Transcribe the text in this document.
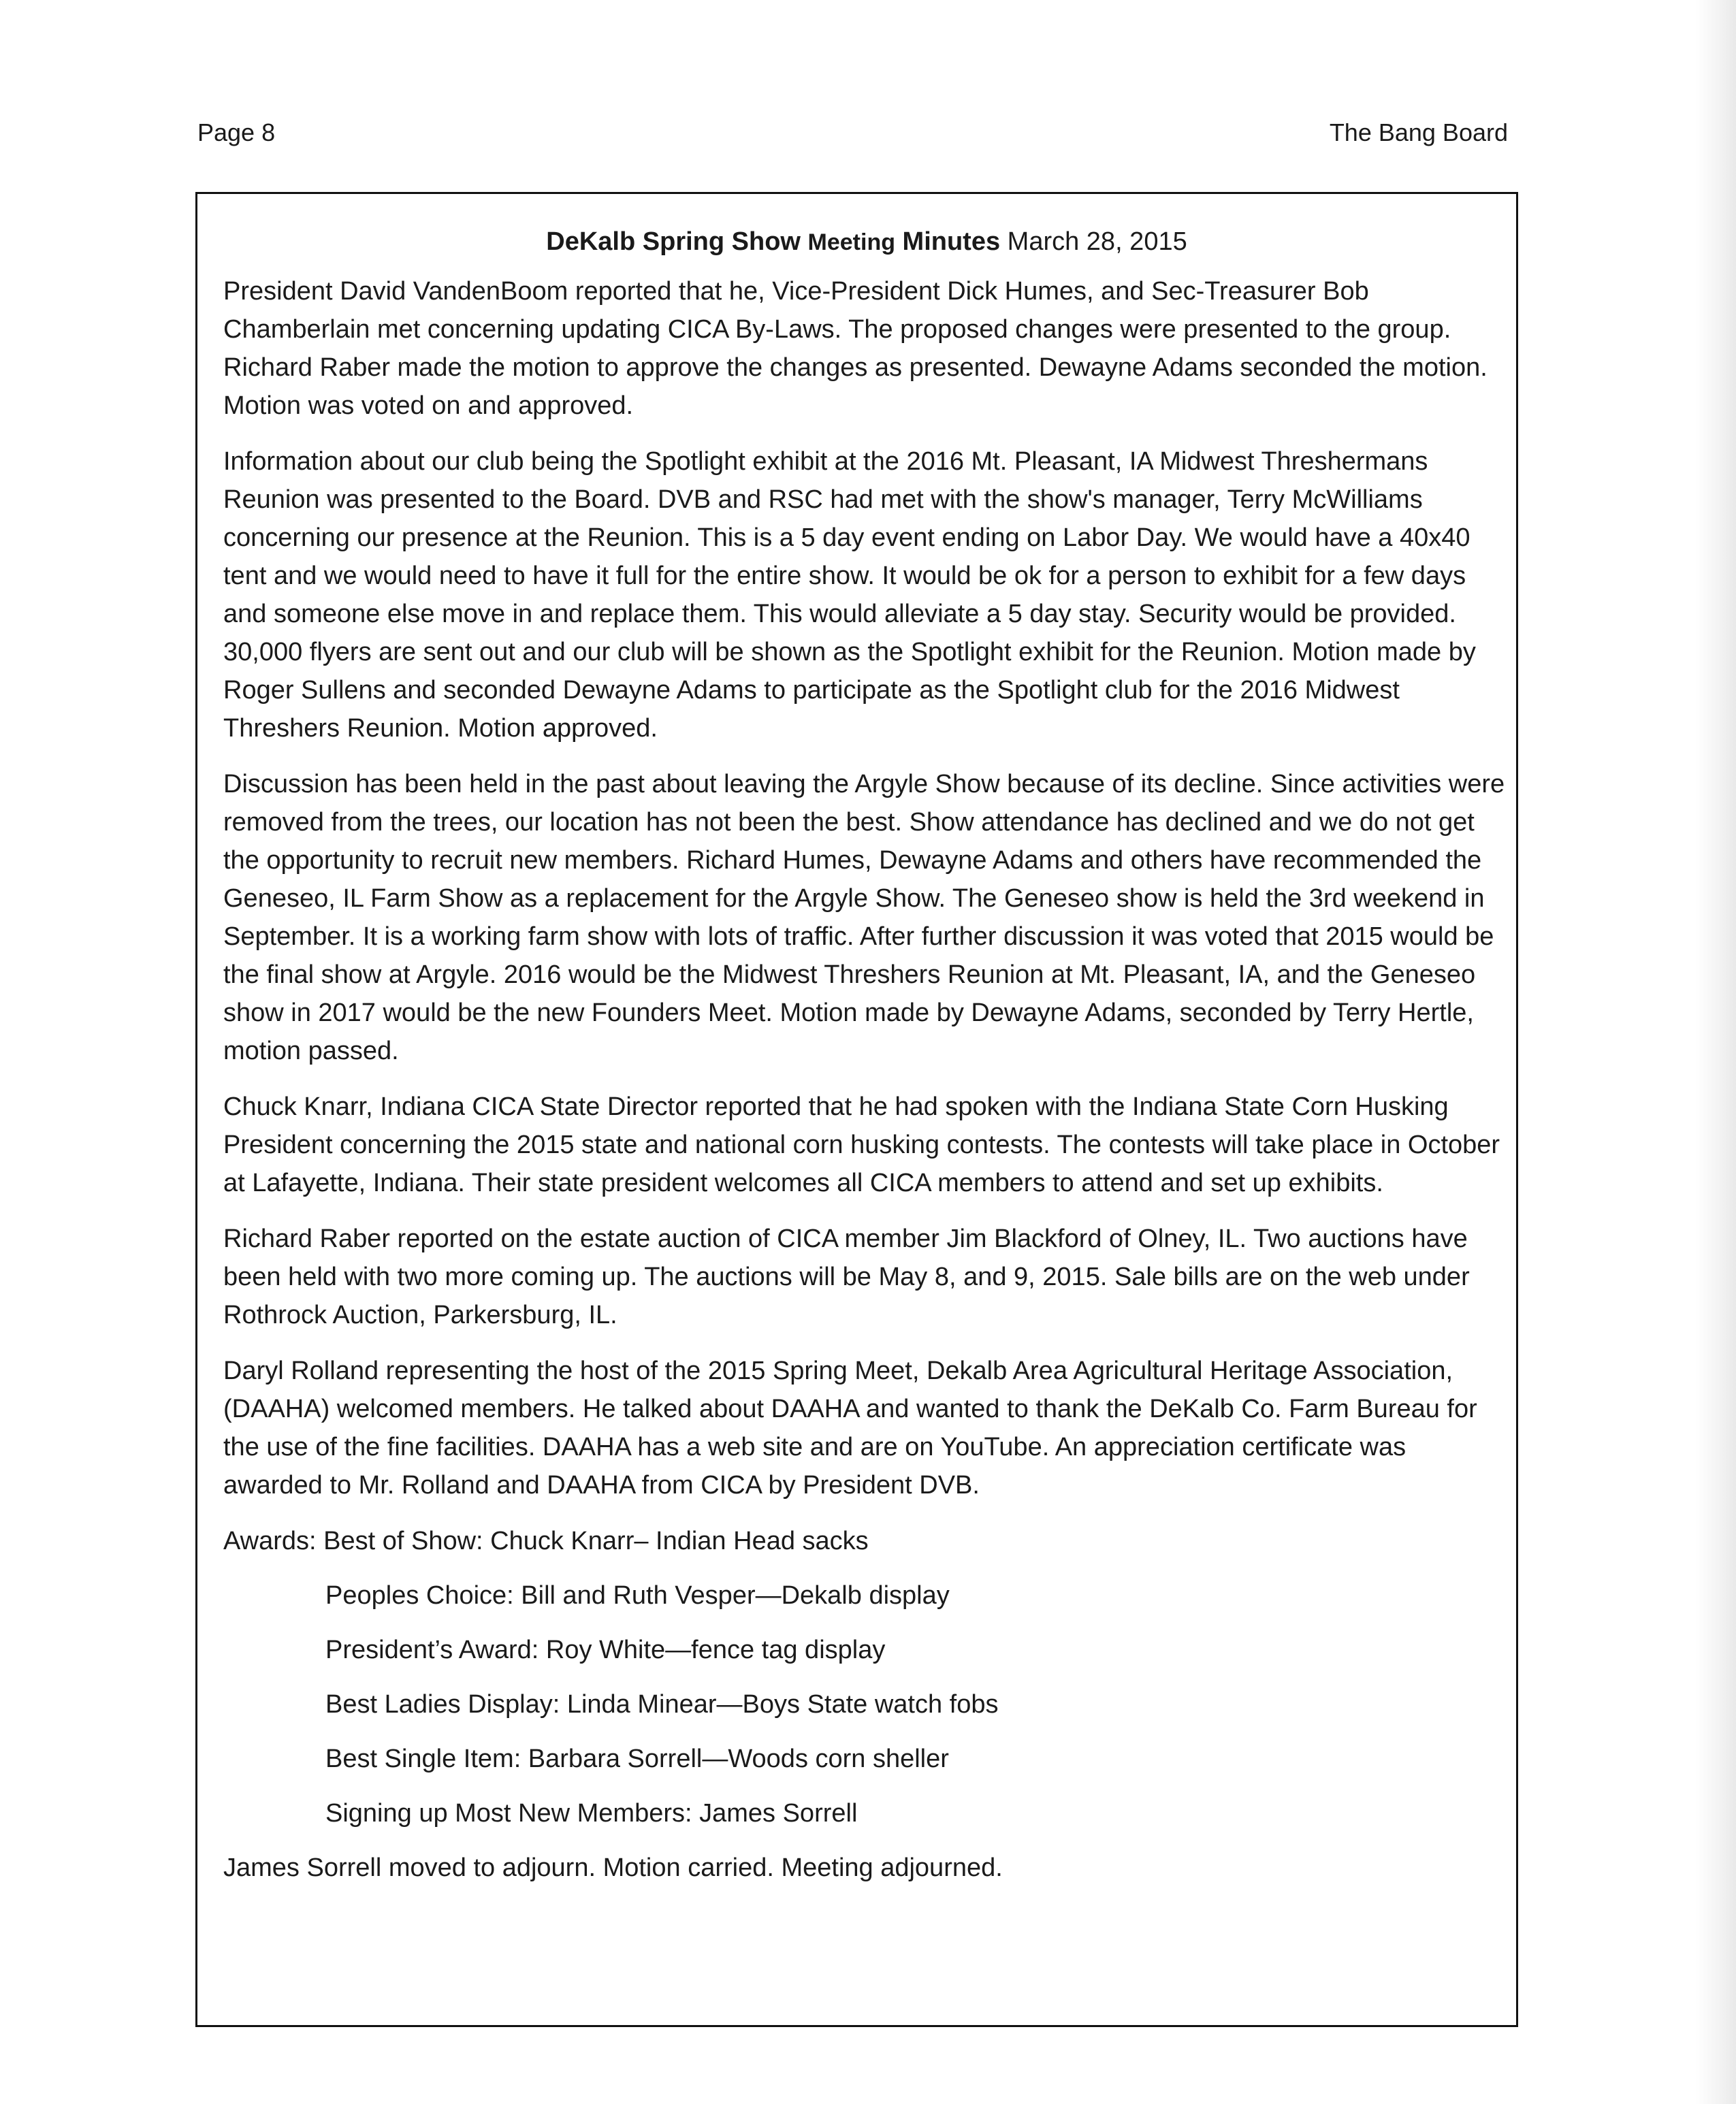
Page 8	The Bang Board
DeKalb Spring Show Meeting Minutes March 28, 2015

President David VandenBoom reported that he, Vice-President Dick Humes, and Sec-Treasurer Bob Chamberlain met concerning updating CICA By-Laws. The proposed changes were presented to the group. Richard Raber made the motion to approve the changes as presented. Dewayne Adams seconded the motion. Motion was voted on and approved.

Information about our club being the Spotlight exhibit at the 2016 Mt. Pleasant, IA Midwest Threshermans Reunion was presented to the Board. DVB and RSC had met with the show's manager, Terry McWilliams concerning our presence at the Reunion. This is a 5 day event ending on Labor Day. We would have a 40x40 tent and we would need to have it full for the entire show. It would be ok for a person to exhibit for a few days and someone else move in and replace them. This would alleviate a 5 day stay. Security would be provided. 30,000 flyers are sent out and our club will be shown as the Spotlight exhibit for the Reunion. Motion made by Roger Sullens and seconded Dewayne Adams to participate as the Spotlight club for the 2016 Midwest Threshers Reunion. Motion approved.

Discussion has been held in the past about leaving the Argyle Show because of its decline. Since activities were removed from the trees, our location has not been the best. Show attendance has declined and we do not get the opportunity to recruit new members. Richard Humes, Dewayne Adams and others have recommended the Geneseo, IL Farm Show as a replacement for the Argyle Show. The Geneseo show is held the 3rd weekend in September. It is a working farm show with lots of traffic. After further discussion it was voted that 2015 would be the final show at Argyle. 2016 would be the Midwest Threshers Reunion at Mt. Pleasant, IA, and the Geneseo show in 2017 would be the new Founders Meet. Motion made by Dewayne Adams, seconded by Terry Hertle, motion passed.

Chuck Knarr, Indiana CICA State Director reported that he had spoken with the Indiana State Corn Husking President concerning the 2015 state and national corn husking contests. The contests will take place in October at Lafayette, Indiana. Their state president welcomes all CICA members to attend and set up exhibits.

Richard Raber reported on the estate auction of CICA member Jim Blackford of Olney, IL. Two auctions have been held with two more coming up. The auctions will be May 8, and 9, 2015. Sale bills are on the web under Rothrock Auction, Parkersburg, IL.

Daryl Rolland representing the host of the 2015 Spring Meet, Dekalb Area Agricultural Heritage Association, (DAAHA) welcomed members. He talked about DAAHA and wanted to thank the DeKalb Co. Farm Bureau for the use of the fine facilities. DAAHA has a web site and are on YouTube. An appreciation certificate was awarded to Mr. Rolland and DAAHA from CICA by President DVB.

Awards: Best of Show: Chuck Knarr– Indian Head sacks
Peoples Choice: Bill and Ruth Vesper—Dekalb display
President’s Award: Roy White—fence tag display
Best Ladies Display: Linda Minear—Boys State watch fobs
Best Single Item: Barbara Sorrell—Woods corn sheller
Signing up Most New Members: James Sorrell
James Sorrell moved to adjourn. Motion carried. Meeting adjourned.
